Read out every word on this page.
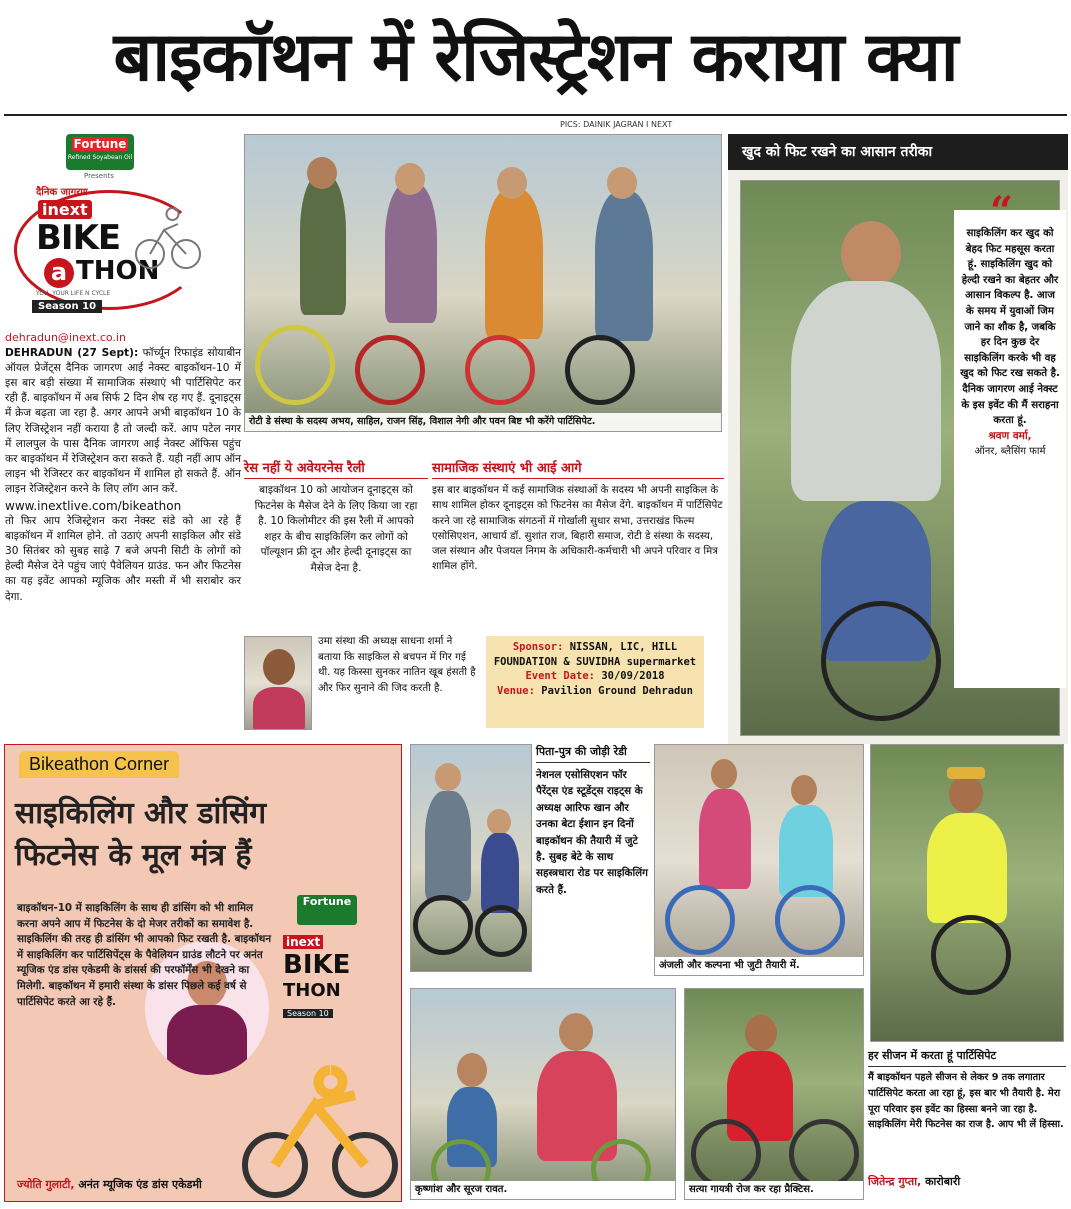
बाइकॉथन में रेजिस्ट्रेशन कराया क्या
PICS: DAINIK JAGRAN I NEXT
Fortune
Refined Soyabean Oil
Presents
दैनिक जागरण
inext
BIKE
a THON
YOU, YOUR LIFE N CYCLE
Season 10
dehradun@inext.co.in
DEHRADUN (27 Sept): फॉर्च्यून रिफाइंड सोयाबीन ऑयल प्रेजेंट्स दैनिक जागरण आई नेक्स्ट बाइकॉथन-10 में इस बार बड़ी संख्या में सामाजिक संस्थाएं भी पार्टिसिपेट कर रही हैं. बाइकॉथन में अब सिर्फ 2 दिन शेष रह गए हैं. दूनाइट्स में क्रेज बढ़ता जा रहा है. अगर आपने अभी बाइकॉथन 10 के लिए रेजिस्ट्रेशन नहीं कराया है तो जल्दी करें. आप पटेल नगर में लालपुल के पास दैनिक जागरण आई नेक्स्ट ऑफिस पहुंच कर बाइकॉथन में रेजिस्ट्रेशन करा सकते हैं. यही नहीं आप ऑन लाइन भी रेजिस्टर कर बाइकॉथन में शामिल हो सकते हैं. ऑन लाइन रेजिस्ट्रेशन करने के लिए लॉग आन करें.
www.inextlive.com/bikeathon
तो फिर आप रेजिस्ट्रेशन करा नेक्स्ट संडे को आ रहे हैं बाइकॉथन में शामिल होने. तो उठाएं अपनी साइकिल और संडे 30 सितंबर को सुबह साढ़े 7 बजे अपनी सिटी के लोगों को हेल्दी मैसेज देने पहुंच जाएं पैवेलियन ग्राउंड. फन और फिटनेस का यह इवेंट आपको म्यूजिक और मस्ती में भी सराबोर कर देगा.
रोटी डे संस्था के सदस्य अभय, साहिल, राजन सिंह, विशाल नेगी और पवन बिष्ट भी करेंगे पार्टिसिपेट.
रेस नहीं ये अवेयरनेस रैली
बाइकॉथन 10 को आयोजन दूनाइट्स को फिटनेस के मैसेज देने के लिए किया जा रहा है. 10 किलोमीटर की इस रैली में आपको शहर के बीच साइकिलिंग कर लोगों को पॉल्यूशन फ्री दून और हेल्दी दूनाइट्स का मैसेज देना है.
सामाजिक संस्थाएं भी आई आगे
इस बार बाइकॉथन में कई सामाजिक संस्थाओं के सदस्य भी अपनी साइकिल के साथ शामिल होकर दूनाइट्स को फिटनेस का मैसेज देंगे. बाइकॉथन में पार्टिसिपेट करने जा रहे सामाजिक संगठनों में गोर्खाली सुधार सभा, उत्तराखंड फिल्म एसोसिएशन, आचार्य डॉ. सुशांत राज, बिहारी समाज, रोटी डे संस्था के सदस्य, जल संस्थान और पेजयल निगम के अधिकारी-कर्मचारी भी अपने परिवार व मित्र शामिल होंगे.
उमा संस्था की अध्यक्ष साधना शर्मा ने बताया कि साइकिल से बचपन में गिर गई थी. यह किस्सा सुनकर नातिन खूब हंसती है और फिर सुनाने की जिद करती है.
Sponsor: NISSAN, LIC, HILL FOUNDATION & SUVIDHA supermarket
Event Date: 30/09/2018
Venue: Pavilion Ground Dehradun
खुद को फिट रखने का आसान तरीका
“
साइकिलिंग कर खुद को बेहद फिट महसूस करता हूं. साइकिलिंग खुद को हेल्दी रखने का बेहतर और आसान विकल्प है. आज के समय में युवाओं जिम जाने का शौक है, जबकि हर दिन कुछ देर साइकिलिंग करके भी वह खुद को फिट रख सकते है. दैनिक जागरण आई नेक्स्ट के इस इवेंट की मैं सराहना करता हूं.
श्रवण वर्मा,
ऑनर, ब्लैसिंग फार्म
Bikeathon Corner
साइकिलिंग और डांसिंग फिटनेस के मूल मंत्र हैं
Fortune
inext
BIKE
THON
Season 10
बाइकॉथन-10 में साइकिलिंग के साथ ही डांसिंग को भी शामिल करना अपने आप में फिटनेस के दो मेजर तरीकों का समावेश है. साइकिलिंग की तरह ही डांसिंग भी आपको फिट रखती है. बाइकॉथन में साइकिलिंग कर पार्टिसिपेंट्स के पैवेलियन ग्राउंड लौटने पर अनंत म्यूजिक एंड डांस एकेडमी के डांसर्स की परफॉर्मेंस भी देखने का मिलेगी. बाइकॉथन में हमारी संस्था के डांसर पिछले कई वर्ष से पार्टिसिपेट करते आ रहे हैं.
ज्योति गुलाटी, अनंत म्यूजिक एंड डांस एकेडमी
पिता-पुत्र की जोड़ी रेडी
नेशनल एसोसिएशन फॉर पैरेंट्स एंड स्टूडेंट्स राइट्स के अध्यक्ष आरिफ खान और उनका बेटा ईशान इन दिनों बाइकॉथन की तैयारी में जुटे है. सुबह बेटे के साथ सहस्त्रधारा रोड पर साइकिलिंग करते हैं.
अंजली और कल्पना भी जुटी तैयारी में.
हर सीजन में करता हूं पार्टिसिपेट
मैं बाइकॉथन पहले सीजन से लेकर 9 तक लगातार पार्टिसिपेट करता आ रहा हूं, इस बार भी तैयारी है. मेरा पूरा परिवार इस इवेंट का हिस्सा बनने जा रहा है. साइकिलिंग मेरी फिटनेस का राज है. आप भी लें हिस्सा.
जितेन्द्र गुप्ता, कारोबारी
कृष्णांश और सूरज रावत.	सत्या गायत्री रोज कर रहा प्रैक्टिस.
